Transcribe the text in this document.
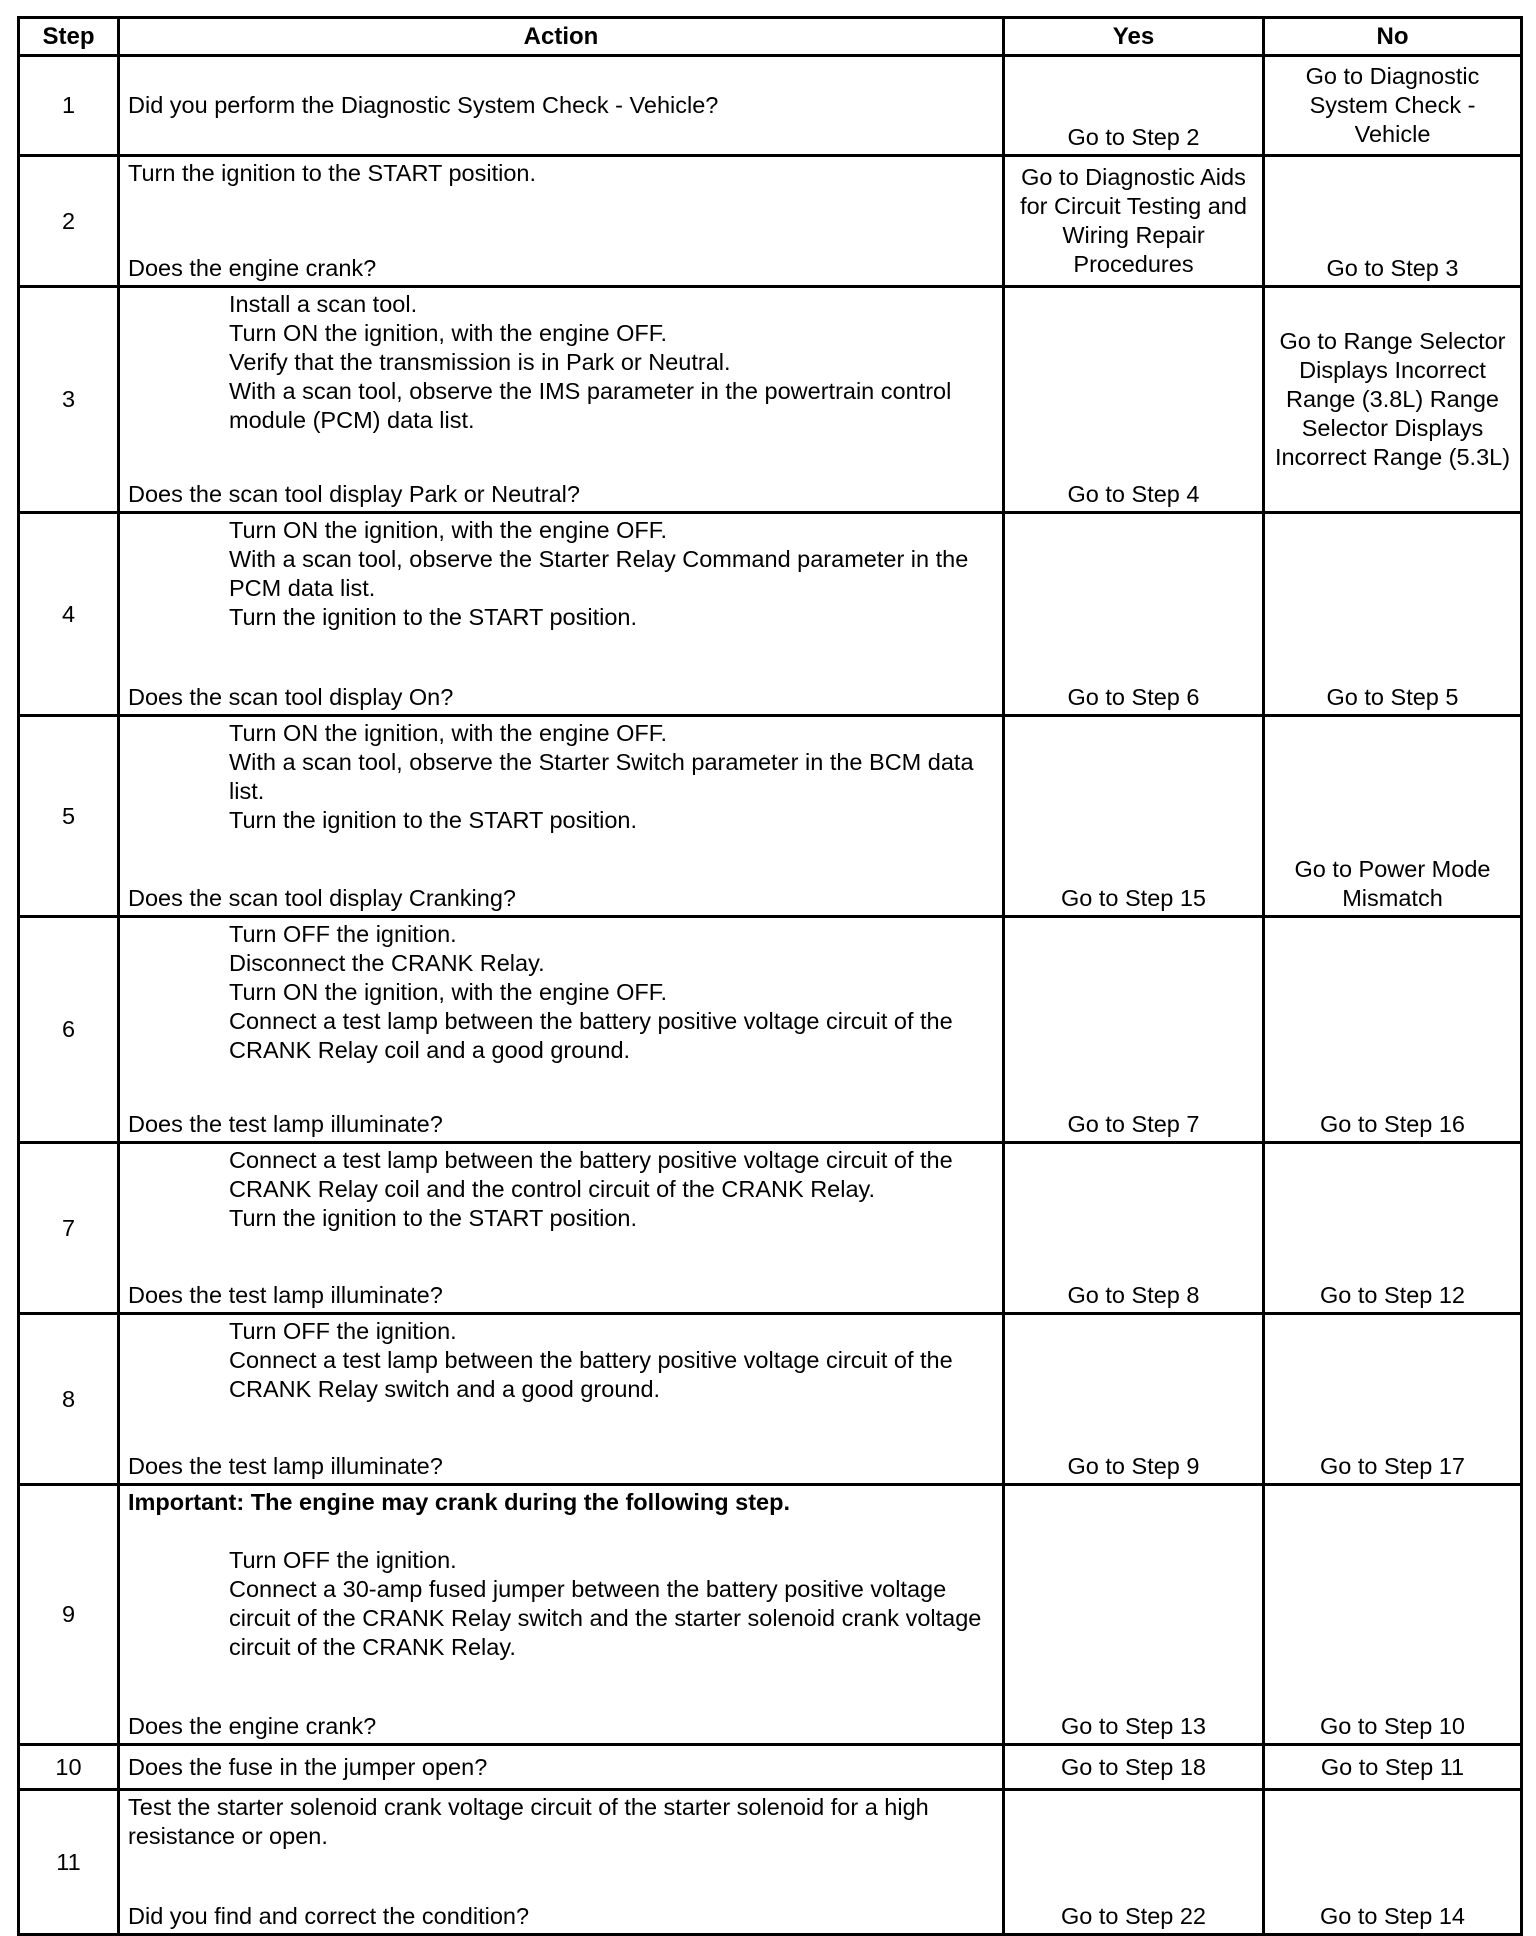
Step	Action	Yes	No
1	Did you perform the Diagnostic System Check - Vehicle?	Go to Step 2	Go to Diagnostic System Check - Vehicle

2	Turn the ignition to the START position.
Does the engine crank?	Go to Diagnostic Aids for Circuit Testing and Wiring Repair Procedures	Go to Step 3

3	Install a scan tool.
Turn ON the ignition, with the engine OFF.
Verify that the transmission is in Park or Neutral.
With a scan tool, observe the IMS parameter in the powertrain control module (PCM) data list.
Does the scan tool display Park or Neutral?	Go to Step 4	Go to Range Selector Displays Incorrect Range (3.8L) Range Selector Displays Incorrect Range (5.3L)

4	Turn ON the ignition, with the engine OFF.
With a scan tool, observe the Starter Relay Command parameter in the PCM data list.
Turn the ignition to the START position.
Does the scan tool display On?	Go to Step 6	Go to Step 5

5	Turn ON the ignition, with the engine OFF.
With a scan tool, observe the Starter Switch parameter in the BCM data list.
Turn the ignition to the START position.
Does the scan tool display Cranking?	Go to Step 15	Go to Power Mode Mismatch

6	Turn OFF the ignition.
Disconnect the CRANK Relay.
Turn ON the ignition, with the engine OFF.
Connect a test lamp between the battery positive voltage circuit of the CRANK Relay coil and a good ground.
Does the test lamp illuminate?	Go to Step 7	Go to Step 16

7	Connect a test lamp between the battery positive voltage circuit of the CRANK Relay coil and the control circuit of the CRANK Relay.
Turn the ignition to the START position.
Does the test lamp illuminate?	Go to Step 8	Go to Step 12

8	Turn OFF the ignition.
Connect a test lamp between the battery positive voltage circuit of the CRANK Relay switch and a good ground.
Does the test lamp illuminate?	Go to Step 9	Go to Step 17

9	Important: The engine may crank during the following step.
Turn OFF the ignition.
Connect a 30-amp fused jumper between the battery positive voltage circuit of the CRANK Relay switch and the starter solenoid crank voltage circuit of the CRANK Relay.
Does the engine crank?	Go to Step 13	Go to Step 10

10	Does the fuse in the jumper open?	Go to Step 18	Go to Step 11

11	Test the starter solenoid crank voltage circuit of the starter solenoid for a high resistance or open.
Did you find and correct the condition?	Go to Step 22	Go to Step 14
